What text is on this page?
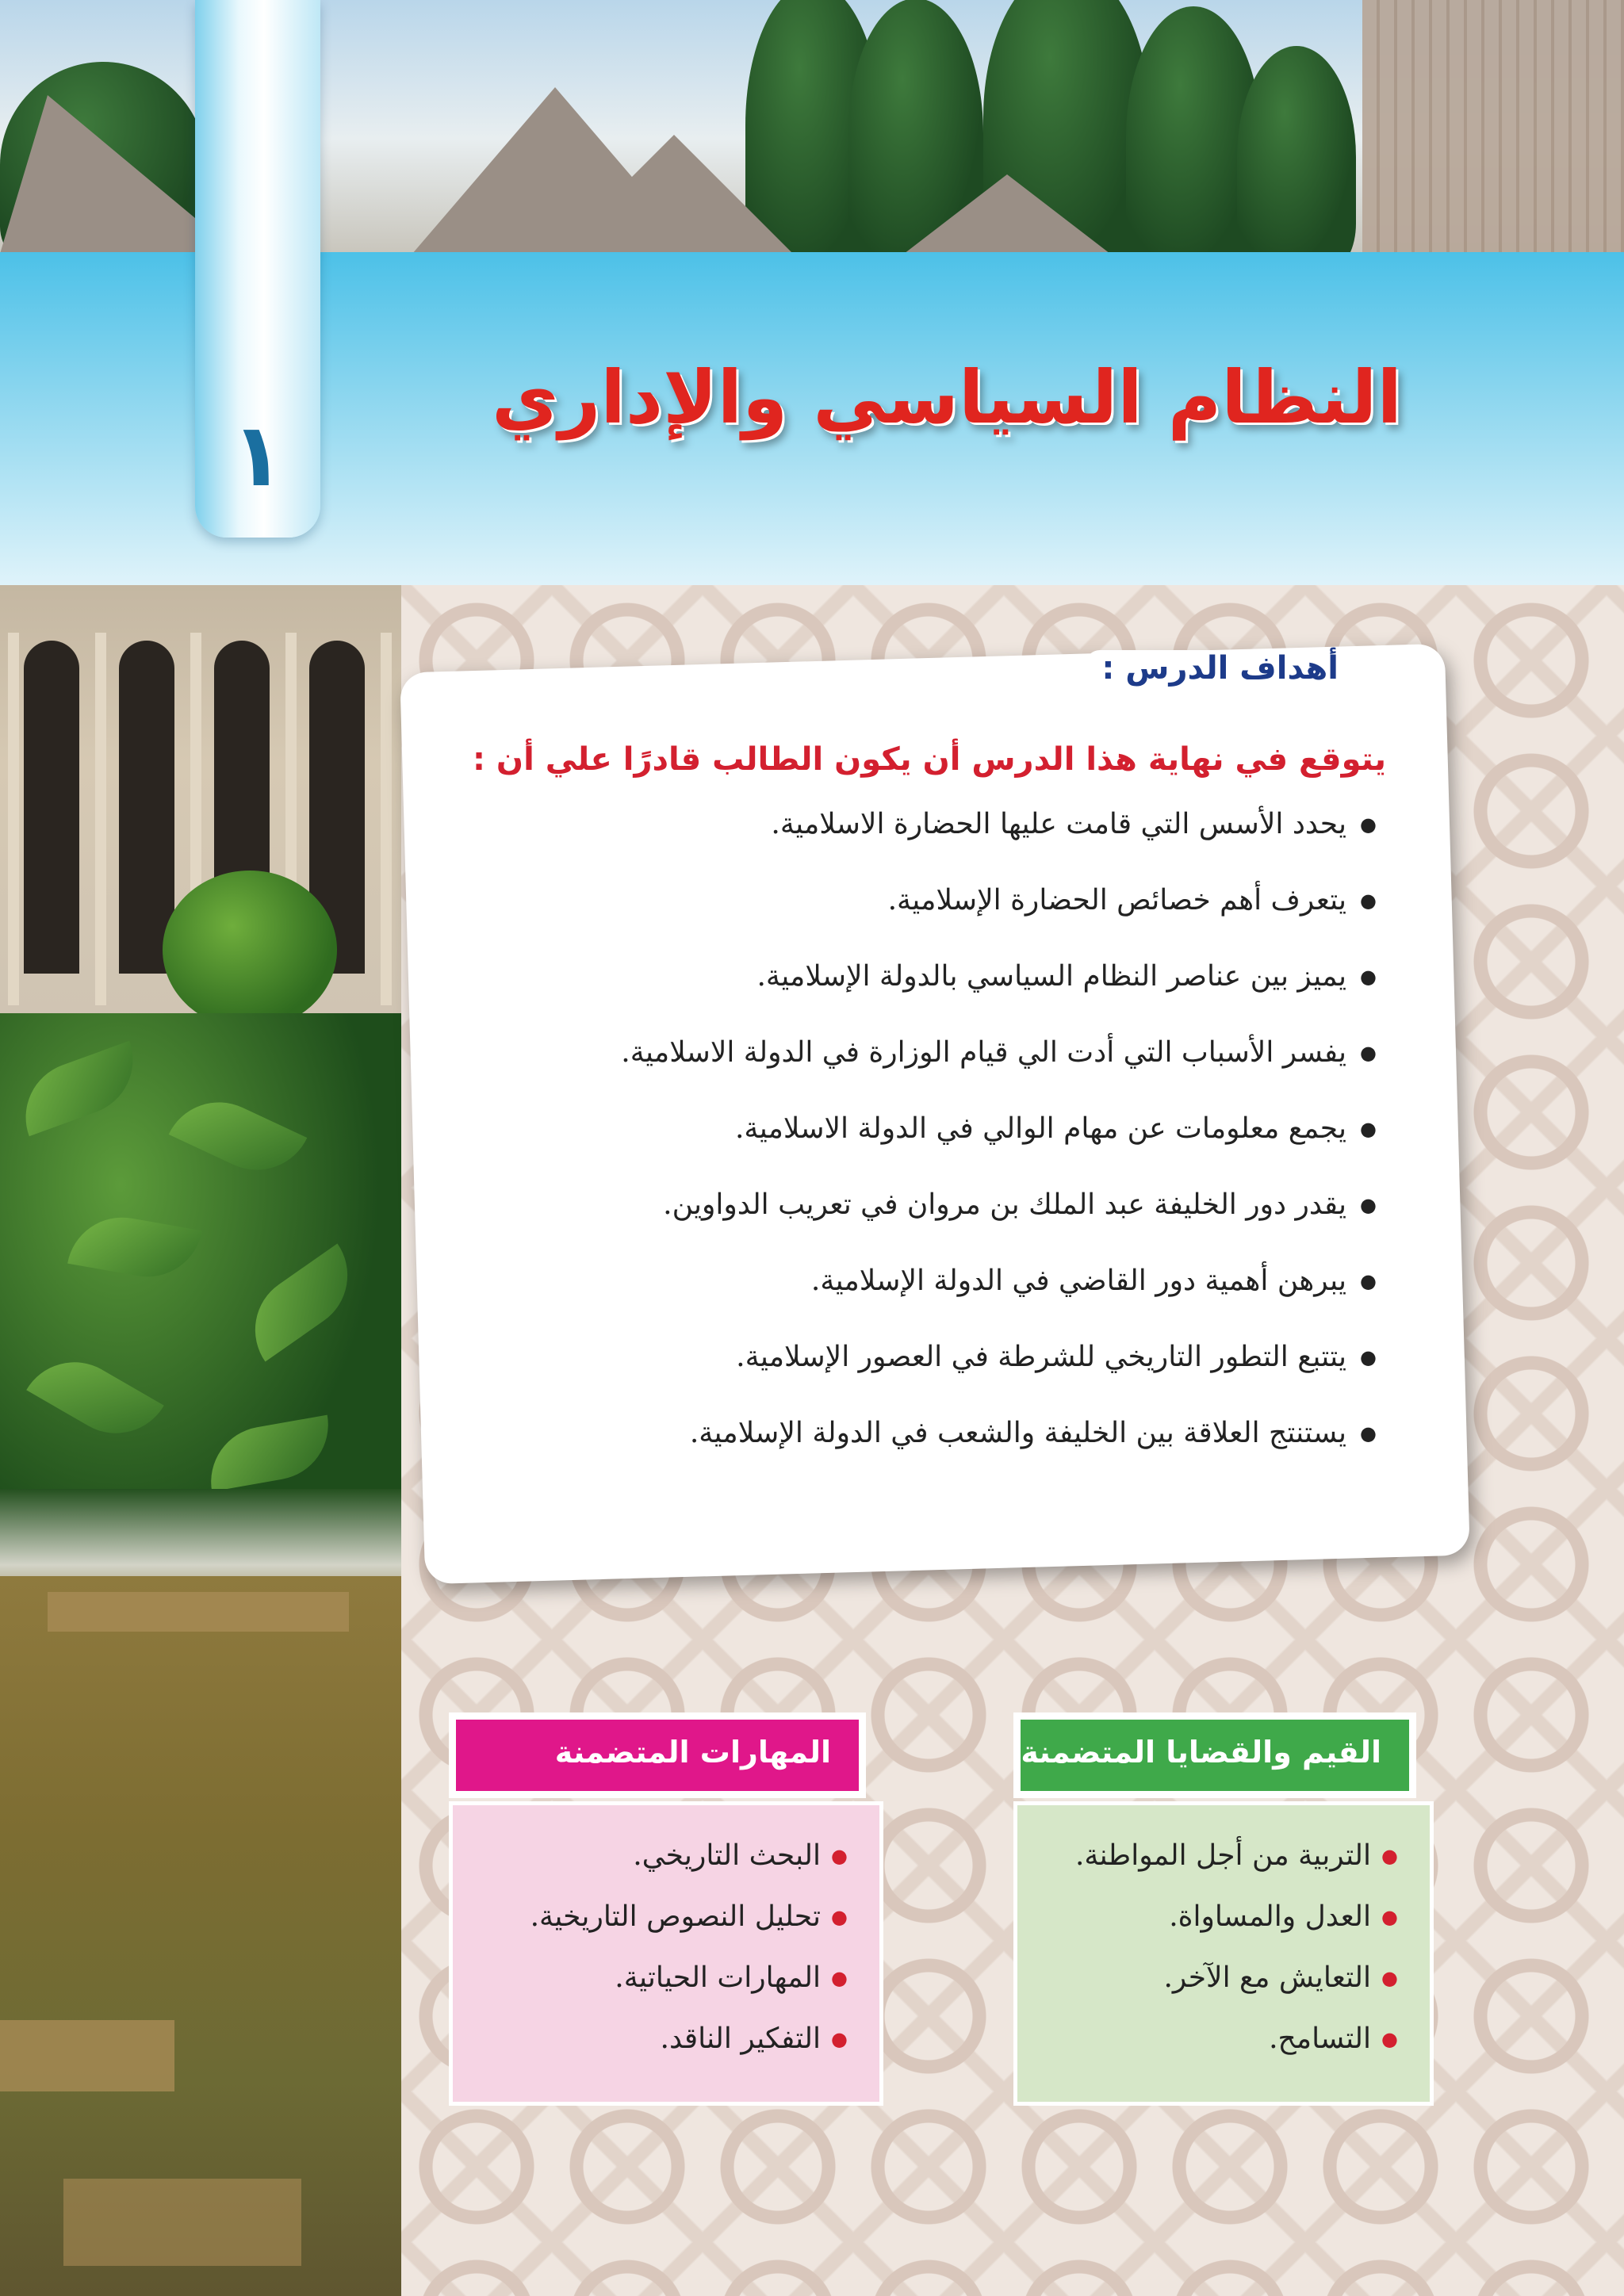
١
النظام السياسي والإداري
أهداف الدرس :
يتوقع في نهاية هذا الدرس أن يكون الطالب قادرًا علي أن :
● يحدد الأسس التي قامت عليها الحضارة الاسلامية.
● يتعرف أهم خصائص الحضارة الإسلامية.
● يميز بين عناصر النظام السياسي بالدولة الإسلامية.
● يفسر الأسباب التي أدت الي قيام الوزارة في الدولة الاسلامية.
● يجمع معلومات عن مهام الوالي في الدولة الاسلامية.
● يقدر دور الخليفة عبد الملك بن مروان في تعريب الدواوين.
● يبرهن أهمية دور القاضي في الدولة الإسلامية.
● يتتبع التطور التاريخي للشرطة في العصور الإسلامية.
● يستنتج العلاقة بين الخليفة والشعب في الدولة الإسلامية.
القيم والقضايا المتضمنة
● التربية من أجل المواطنة.
● العدل والمساواة.
● التعايش مع الآخر.
● التسامح.
المهارات المتضمنة
● البحث التاريخي.
● تحليل النصوص التاريخية.
● المهارات الحياتية.
● التفكير الناقد.
